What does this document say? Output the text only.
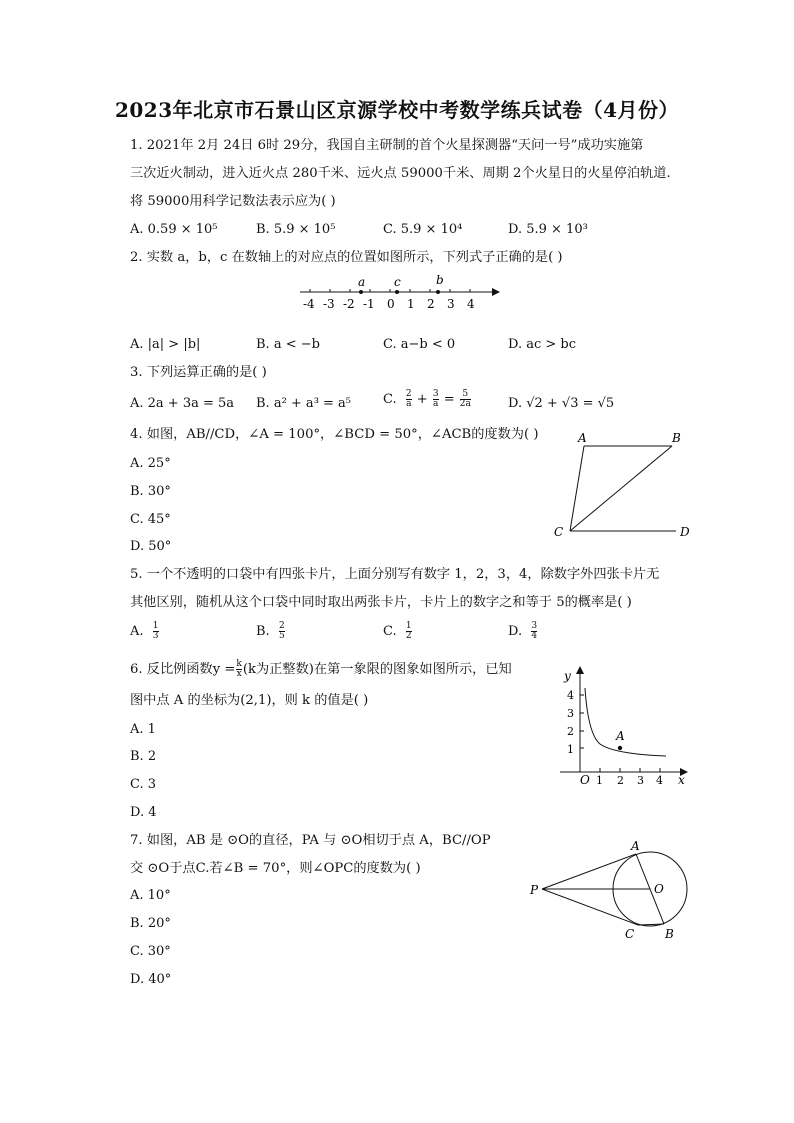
2023年北京市石景山区京源学校中考数学练兵试卷（4月份）
1. 2021年 2月 24日 6时 29分，我国自主研制的首个火星探测器“天问一号”成功实施第
三次近火制动，进入近火点 280千米、远火点 59000千米、周期 2个火星日的火星停泊轨道.
将 59000用科学记数法表示应为( )
A. 0.59 × 10⁵	B. 5.9 × 10⁵	C. 5.9 × 10⁴	D. 5.9 × 10³
2. 实数 a，b，c 在数轴上的对应点的位置如图所示，下列式子正确的是( )
-4 -3 -2 -1 0 1 2 3 4
a c	b
A. |a| > |b|	B. a < −b	C. a−b < 0	D. ac > bc
3. 下列运算正确的是( )
A. 2a + 3a = 5a B. a² + a³ = a⁵ C. $\frac{2}{a} + \frac{3}{a} = \frac{5}{2a}$	D. √2 + √3 = √5
4. 如图，AB//CD，∠A = 100°，∠BCD = 50°，∠ACB的度数为( )
A. 25°
B. 30°
C. 45°
D. 50°
A	B
C	D
5. 一个不透明的口袋中有四张卡片，上面分别写有数字 1，2，3，4，除数字外四张卡片无
其他区别，随机从这个口袋中同时取出两张卡片，卡片上的数字之和等于 5的概率是( )
A. $\frac{1}{3}$	B. $\frac{2}{5}$	C. $\frac{1}{2}$	D. $\frac{3}{4}$
6. 反比例函数$y = \frac{k}{x} (k$为正整数)在第一象限的图象如图所示，已知
图中点 A 的坐标为(2,1)，则 k 的值是( )
A. 1
B. 2
C. 3
D. 4
y
x
O 1 2 3 4
1
2
3
4
A
7. 如图，AB 是 ⊙O的直径，PA 与 ⊙O相切于点 A，BC//OP
交 ⊙O于点C.若∠B = 70°，则∠OPC的度数为( )
A. 10°
B. 20°
C. 30°
D. 40°
A
P	O
C	B
